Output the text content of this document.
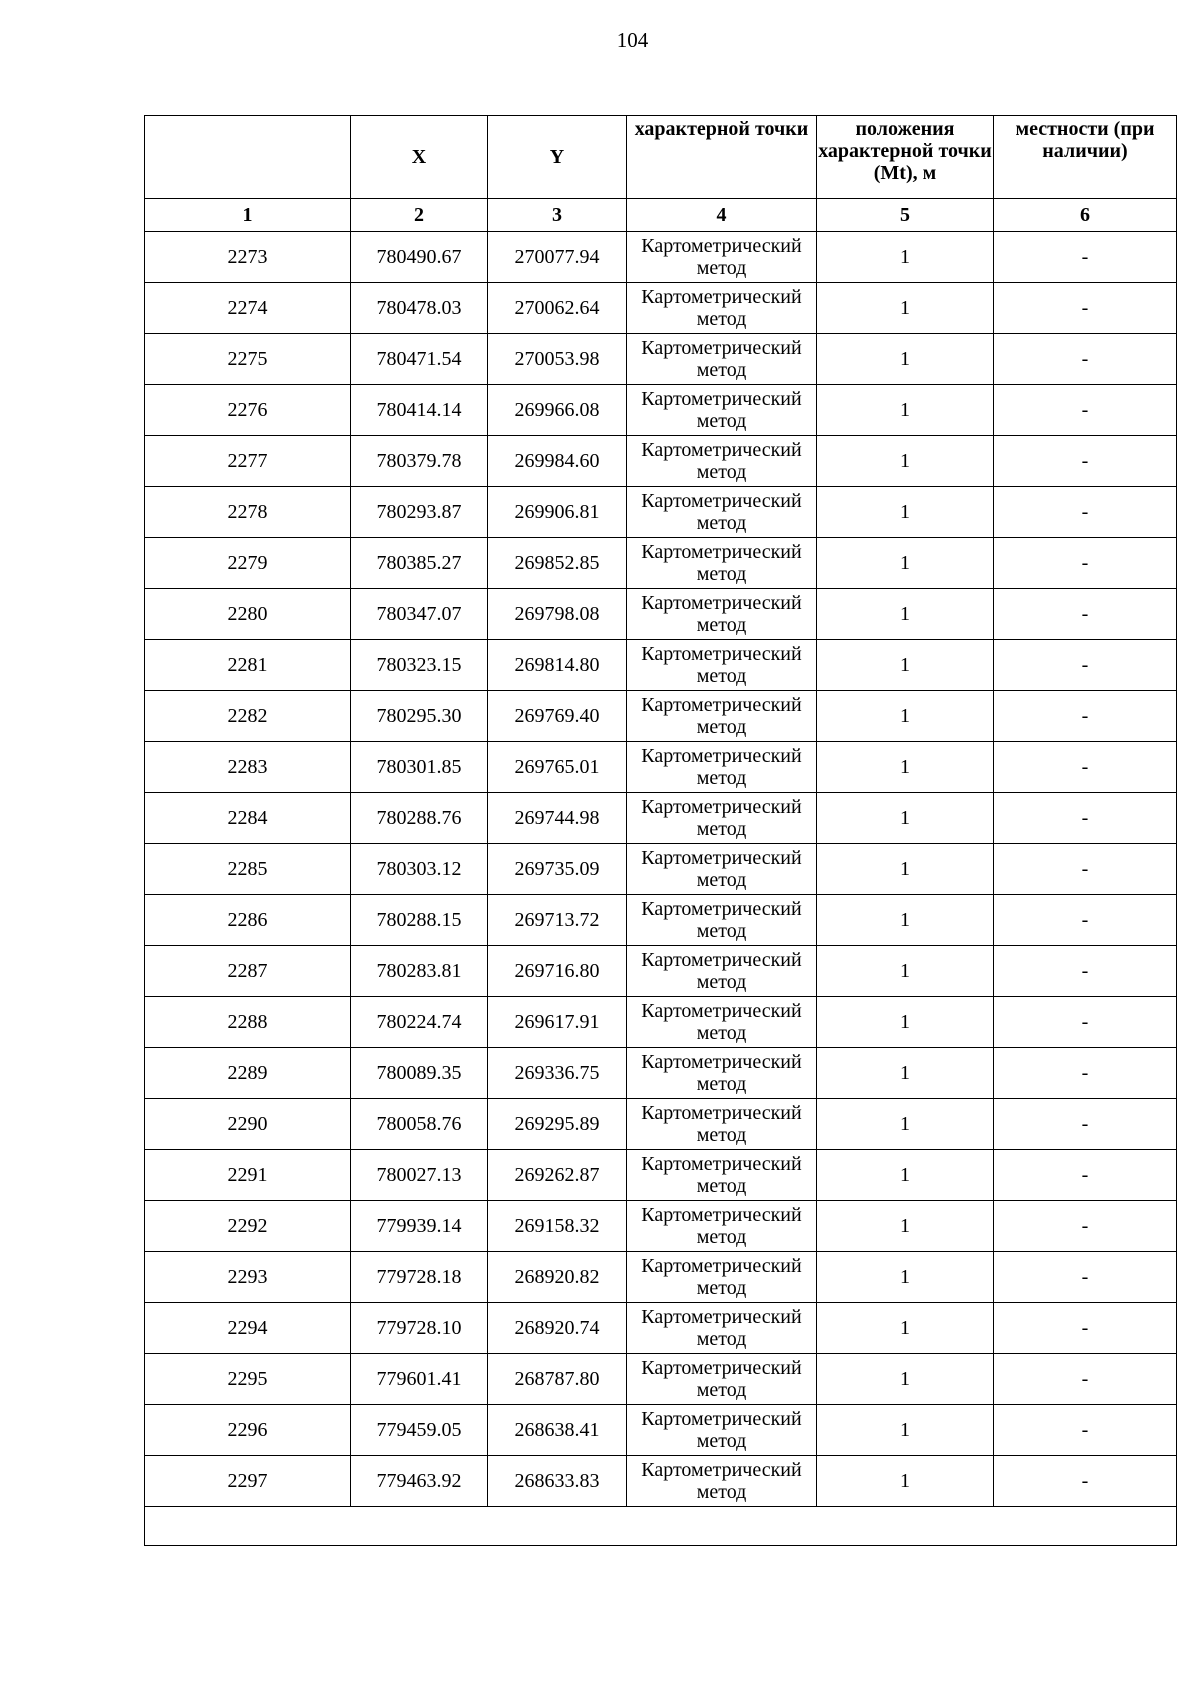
104
	X	Y	характерной точки	положения характерной точки (Mt), м	местности (при наличии)
1	2	3	4	5	6
2273	780490.67	270077.94	Картометрический метод	1	-
2274	780478.03	270062.64	Картометрический метод	1	-
2275	780471.54	270053.98	Картометрический метод	1	-
2276	780414.14	269966.08	Картометрический метод	1	-
2277	780379.78	269984.60	Картометрический метод	1	-
2278	780293.87	269906.81	Картометрический метод	1	-
2279	780385.27	269852.85	Картометрический метод	1	-
2280	780347.07	269798.08	Картометрический метод	1	-
2281	780323.15	269814.80	Картометрический метод	1	-
2282	780295.30	269769.40	Картометрический метод	1	-
2283	780301.85	269765.01	Картометрический метод	1	-
2284	780288.76	269744.98	Картометрический метод	1	-
2285	780303.12	269735.09	Картометрический метод	1	-
2286	780288.15	269713.72	Картометрический метод	1	-
2287	780283.81	269716.80	Картометрический метод	1	-
2288	780224.74	269617.91	Картометрический метод	1	-
2289	780089.35	269336.75	Картометрический метод	1	-
2290	780058.76	269295.89	Картометрический метод	1	-
2291	780027.13	269262.87	Картометрический метод	1	-
2292	779939.14	269158.32	Картометрический метод	1	-
2293	779728.18	268920.82	Картометрический метод	1	-
2294	779728.10	268920.74	Картометрический метод	1	-
2295	779601.41	268787.80	Картометрический метод	1	-
2296	779459.05	268638.41	Картометрический метод	1	-
2297	779463.92	268633.83	Картометрический метод	1	-
